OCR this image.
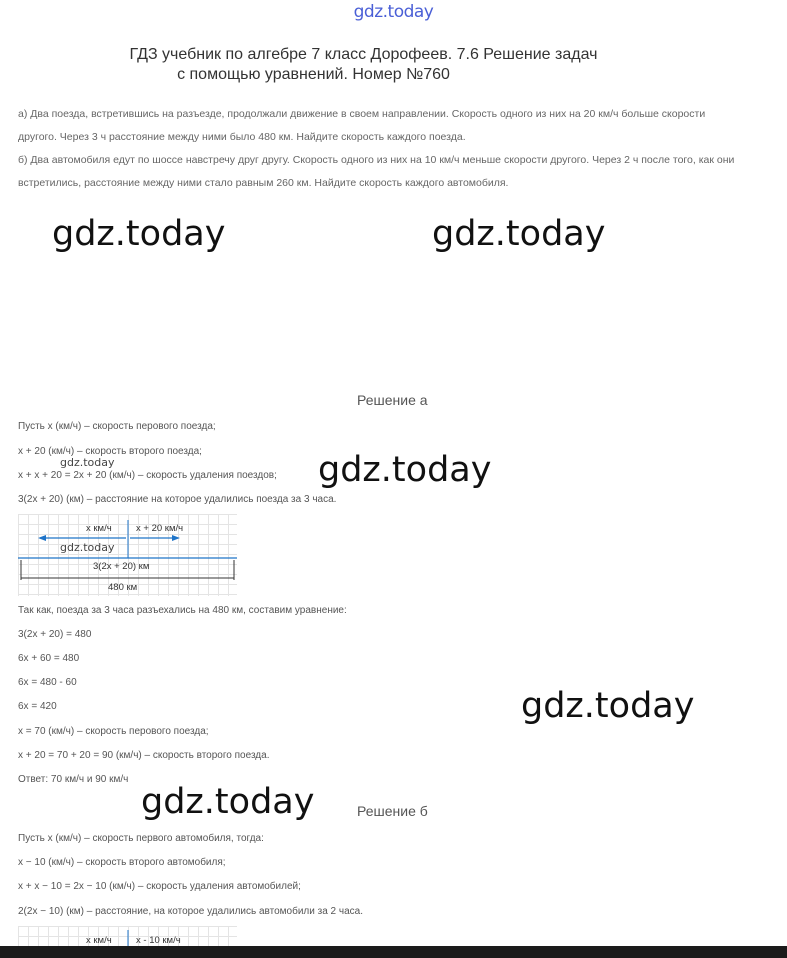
gdz.today
ГДЗ учебник по алгебре 7 класс Дорофеев. 7.6 Решение задач
с помощью уравнений. Номер №760
а) Два поезда, встретившись на разъезде, продолжали движение в своем направлении. Скорость одного из них на 20 км/ч больше скорости
другого. Через 3 ч расстояние между ними было 480 км. Найдите скорость каждого поезда.
б) Два автомобиля едут по шоссе навстречу друг другу. Скорость одного из них на 10 км/ч меньше скорости другого. Через 2 ч после того, как они
встретились, расстояние между ними стало равным 260 км. Найдите скорость каждого автомобиля.
gdz.today	gdz.today
Решение а
Пусть x (км/ч) – скорость перового поезда;
x + 20 (км/ч) – скорость второго поезда;
gdz.today
x + x + 20 = 2x + 20 (км/ч) – скорость удаления поездов; gdz.today
3(2x + 20) (км) – расстояние на которое удалились поезда за 3 часа.
x км/ч	x + 20 км/ч
gdz.today
3(2x + 20) км
480 км
Так как, поезда за 3 часа разъехались на 480 км, составим уравнение:
3(2x + 20) = 480
6x + 60 = 480
6x = 480 - 60
6x = 420	gdz.today
x = 70 (км/ч) – скорость перового поезда;
x + 20 = 70 + 20 = 90 (км/ч) – скорость второго поезда.
Ответ: 70 км/ч и 90 км/ч
gdz.today	Решение б
Пусть x (км/ч) – скорость первого автомобиля, тогда:
x − 10 (км/ч) – скорость второго автомобиля;
x + x − 10 = 2x − 10 (км/ч) – скорость удаления автомобилей;
2(2x − 10) (км) – расстояние, на которое удалились автомобили за 2 часа.
x км/ч	x - 10 км/ч
